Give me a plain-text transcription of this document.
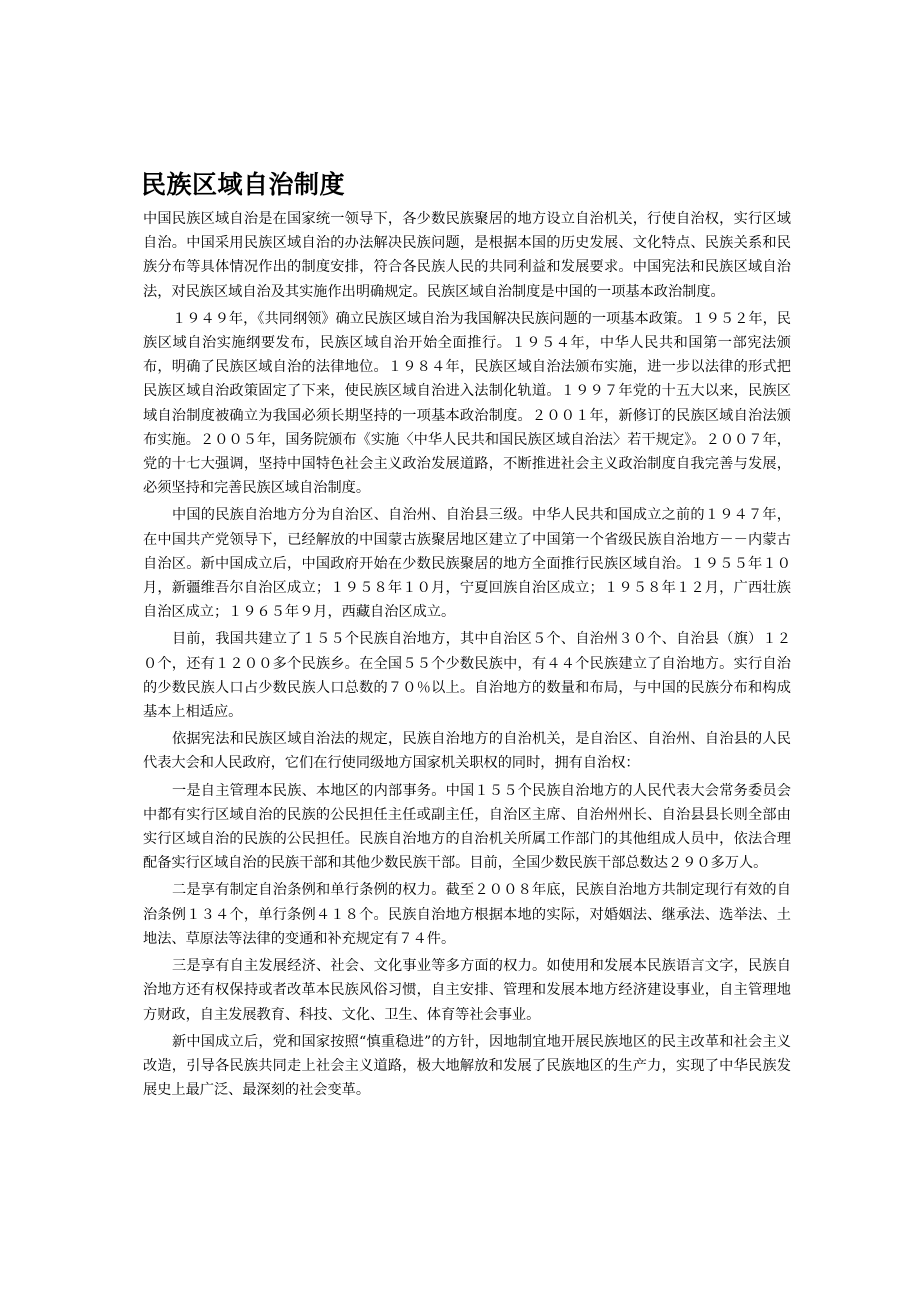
民族区域自治制度

中国民族区域自治是在国家统一领导下，各少数民族聚居的地方设立自治机关，行使自治权，实行区域自治。中国采用民族区域自治的办法解决民族问题，是根据本国的历史发展、文化特点、民族关系和民族分布等具体情况作出的制度安排，符合各民族人民的共同利益和发展要求。中国宪法和民族区域自治法，对民族区域自治及其实施作出明确规定。民族区域自治制度是中国的一项基本政治制度。

１９４９年，《共同纲领》确立民族区域自治为我国解决民族问题的一项基本政策。１９５２年，民族区域自治实施纲要发布，民族区域自治开始全面推行。１９５４年，中华人民共和国第一部宪法颁布，明确了民族区域自治的法律地位。１９８４年，民族区域自治法颁布实施，进一步以法律的形式把民族区域自治政策固定了下来，使民族区域自治进入法制化轨道。１９９７年党的十五大以来，民族区域自治制度被确立为我国必须长期坚持的一项基本政治制度。２００１年，新修订的民族区域自治法颁布实施。２００５年，国务院颁布《实施〈中华人民共和国民族区域自治法〉若干规定》。２００７年，党的十七大强调，坚持中国特色社会主义政治发展道路，不断推进社会主义政治制度自我完善与发展，必须坚持和完善民族区域自治制度。

中国的民族自治地方分为自治区、自治州、自治县三级。中华人民共和国成立之前的１９４７年，在中国共产党领导下，已经解放的中国蒙古族聚居地区建立了中国第一个省级民族自治地方－－内蒙古自治区。新中国成立后，中国政府开始在少数民族聚居的地方全面推行民族区域自治。１９５５年１０月，新疆维吾尔自治区成立；１９５８年１０月，宁夏回族自治区成立；１９５８年１２月，广西壮族自治区成立；１９６５年９月，西藏自治区成立。

目前，我国共建立了１５５个民族自治地方，其中自治区５个、自治州３０个、自治县（旗）１２０个，还有１２００多个民族乡。在全国５５个少数民族中，有４４个民族建立了自治地方。实行自治的少数民族人口占少数民族人口总数的７０％以上。自治地方的数量和布局，与中国的民族分布和构成基本上相适应。

依据宪法和民族区域自治法的规定，民族自治地方的自治机关，是自治区、自治州、自治县的人民代表大会和人民政府，它们在行使同级地方国家机关职权的同时，拥有自治权：

一是自主管理本民族、本地区的内部事务。中国１５５个民族自治地方的人民代表大会常务委员会中都有实行区域自治的民族的公民担任主任或副主任，自治区主席、自治州州长、自治县县长则全部由实行区域自治的民族的公民担任。民族自治地方的自治机关所属工作部门的其他组成人员中，依法合理配备实行区域自治的民族干部和其他少数民族干部。目前，全国少数民族干部总数达２９０多万人。

二是享有制定自治条例和单行条例的权力。截至２００８年底，民族自治地方共制定现行有效的自治条例１３４个，单行条例４１８个。民族自治地方根据本地的实际，对婚姻法、继承法、选举法、土地法、草原法等法律的变通和补充规定有７４件。

三是享有自主发展经济、社会、文化事业等多方面的权力。如使用和发展本民族语言文字，民族自治地方还有权保持或者改革本民族风俗习惯，自主安排、管理和发展本地方经济建设事业，自主管理地方财政，自主发展教育、科技、文化、卫生、体育等社会事业。

新中国成立后，党和国家按照“慎重稳进”的方针，因地制宜地开展民族地区的民主改革和社会主义改造，引导各民族共同走上社会主义道路，极大地解放和发展了民族地区的生产力，实现了中华民族发展史上最广泛、最深刻的社会变革。
